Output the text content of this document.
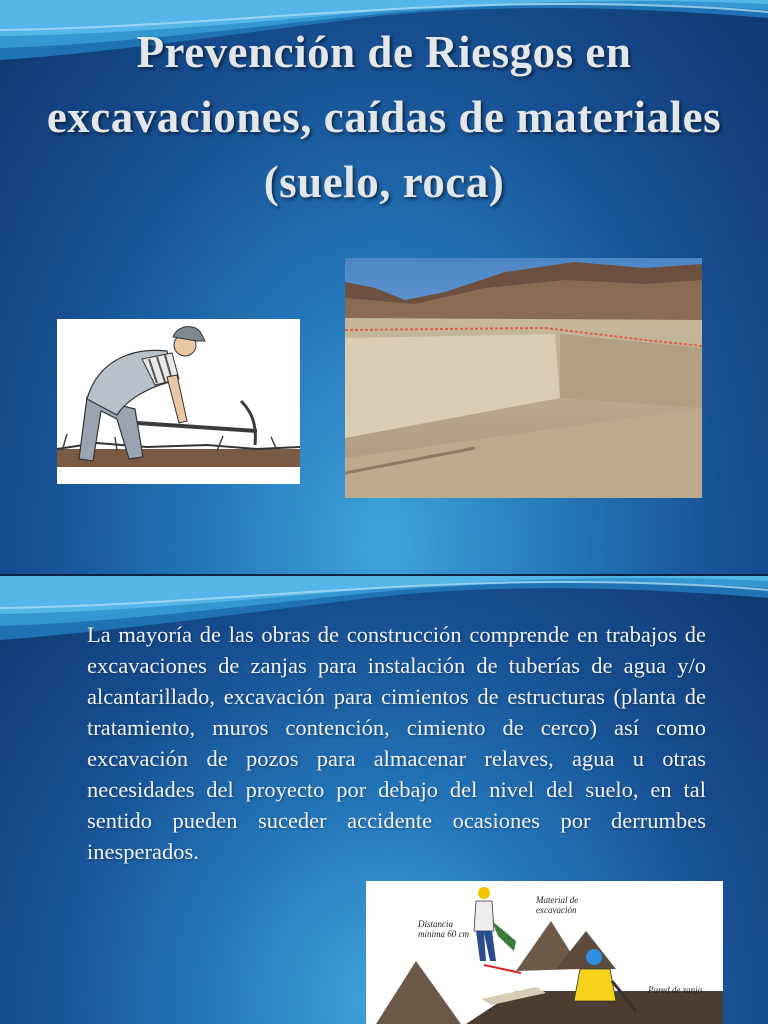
Prevención de Riesgos en excavaciones, caídas de materiales (suelo, roca)

La mayoría de las obras de construcción comprende en trabajos de excavaciones de zanjas para instalación de tuberías de agua y/o alcantarillado, excavación para cimientos de estructuras (planta de tratamiento, muros contención, cimiento de cerco) así como excavación de pozos para almacenar relaves, agua u otras necesidades del proyecto por debajo del nivel del suelo, en tal sentido pueden suceder accidente ocasiones por derrumbes inesperados.

Material de
excavación
Distancia
mínima 60 cm
Pared de zanja
